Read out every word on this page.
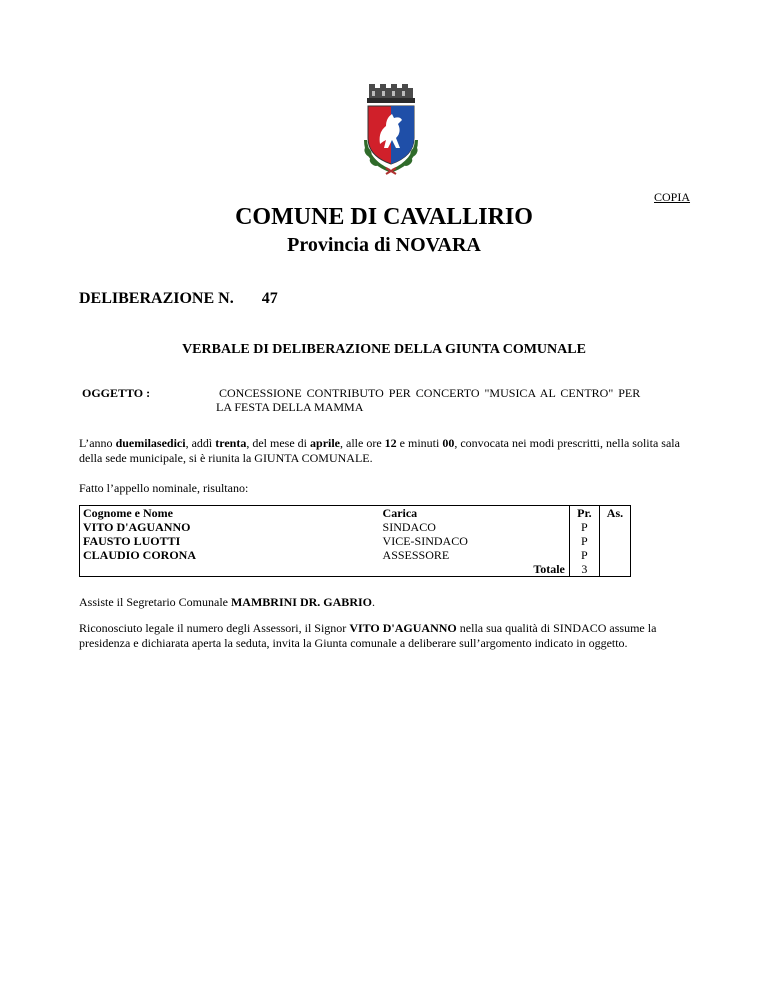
COPIA
COMUNE DI CAVALLIRIO
Provincia di NOVARA
DELIBERAZIONE N. 47
VERBALE DI DELIBERAZIONE DELLA GIUNTA COMUNALE
OGGETTO :	CONCESSIONE CONTRIBUTO PER CONCERTO "MUSICA AL CENTRO" PER
LA FESTA DELLA MAMMA
L’anno duemilasedici, addì trenta, del mese di aprile, alle ore 12 e minuti 00, convocata nei modi prescritti, nella solita sala della sede municipale, si è riunita la GIUNTA COMUNALE.
Fatto l’appello nominale, risultano:
Cognome e Nome	Carica	Pr.	As.
VITO D'AGUANNO	SINDACO	P	
FAUSTO LUOTTI	VICE-SINDACO	P	
CLAUDIO CORONA	ASSESSORE	P	
	Totale	3	
Assiste il Segretario Comunale MAMBRINI DR. GABRIO.
Riconosciuto legale il numero degli Assessori, il Signor VITO D'AGUANNO nella sua qualità di SINDACO assume la presidenza e dichiarata aperta la seduta, invita la Giunta comunale a deliberare sull’argomento indicato in oggetto.
